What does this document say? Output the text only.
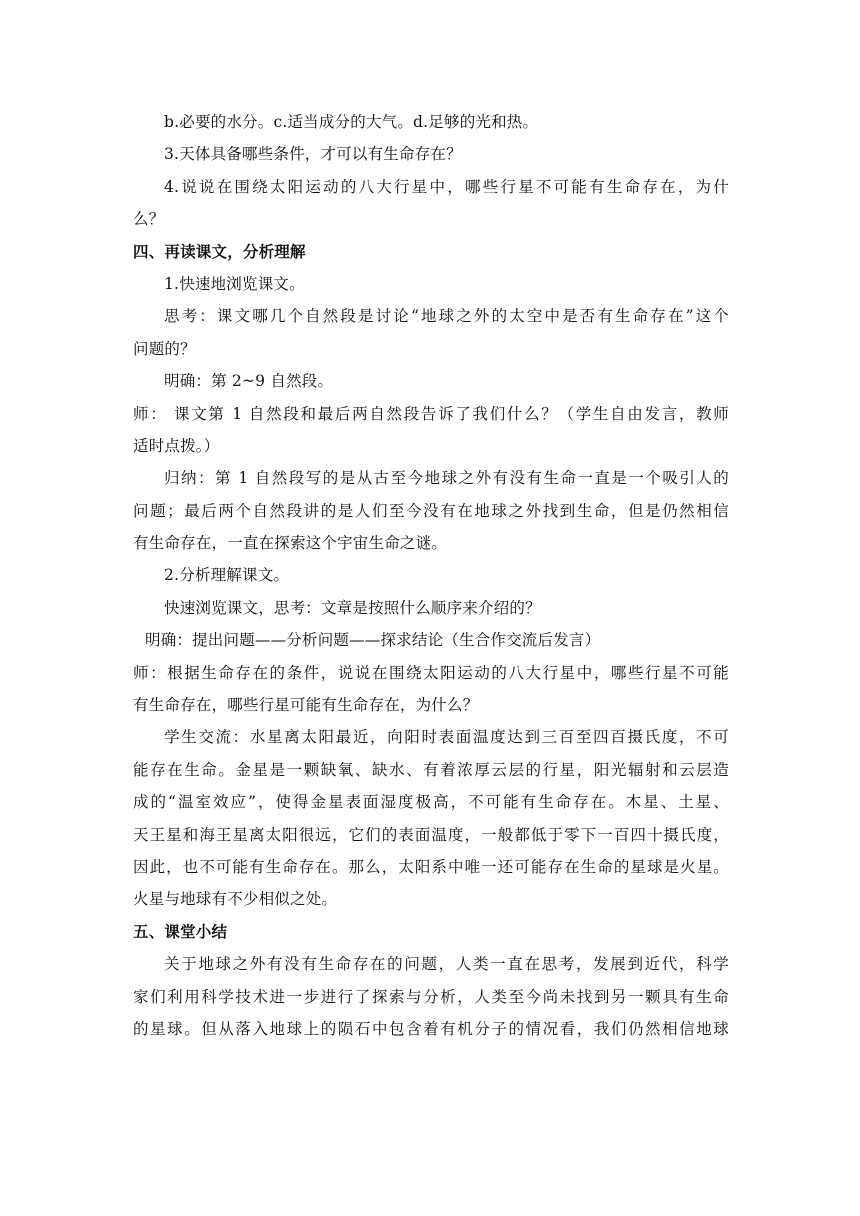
b.必要的水分。c.适当成分的大气。d.足够的光和热。
3.天体具备哪些条件，才可以有生命存在？
4.说说在围绕太阳运动的八大行星中，哪些行星不可能有生命存在，为什
么？
四、再读课文，分析理解
1.快速地浏览课文。
思考：课文哪几个自然段是讨论“地球之外的太空中是否有生命存在”这个
问题的？
明确：第 2~9 自然段。
师： 课文第 1 自然段和最后两自然段告诉了我们什么？（学生自由发言，教师
适时点拨。）
归纳：第 1 自然段写的是从古至今地球之外有没有生命一直是一个吸引人的
问题；最后两个自然段讲的是人们至今没有在地球之外找到生命，但是仍然相信
有生命存在，一直在探索这个宇宙生命之谜。
2.分析理解课文。
快速浏览课文，思考：文章是按照什么顺序来介绍的？
明确：提出问题——分析问题——探求结论（生合作交流后发言）
师：根据生命存在的条件，说说在围绕太阳运动的八大行星中，哪些行星不可能
有生命存在，哪些行星可能有生命存在，为什么？
学生交流：水星离太阳最近，向阳时表面温度达到三百至四百摄氏度，不可
能存在生命。金星是一颗缺氧、缺水、有着浓厚云层的行星，阳光辐射和云层造
成的“温室效应”，使得金星表面湿度极高，不可能有生命存在。木星、土星、
天王星和海王星离太阳很远，它们的表面温度，一般都低于零下一百四十摄氏度，
因此，也不可能有生命存在。那么，太阳系中唯一还可能存在生命的星球是火星。
火星与地球有不少相似之处。
五、课堂小结
关于地球之外有没有生命存在的问题，人类一直在思考，发展到近代，科学
家们利用科学技术进一步进行了探索与分析，人类至今尚未找到另一颗具有生命
的星球。但从落入地球上的陨石中包含着有机分子的情况看，我们仍然相信地球
